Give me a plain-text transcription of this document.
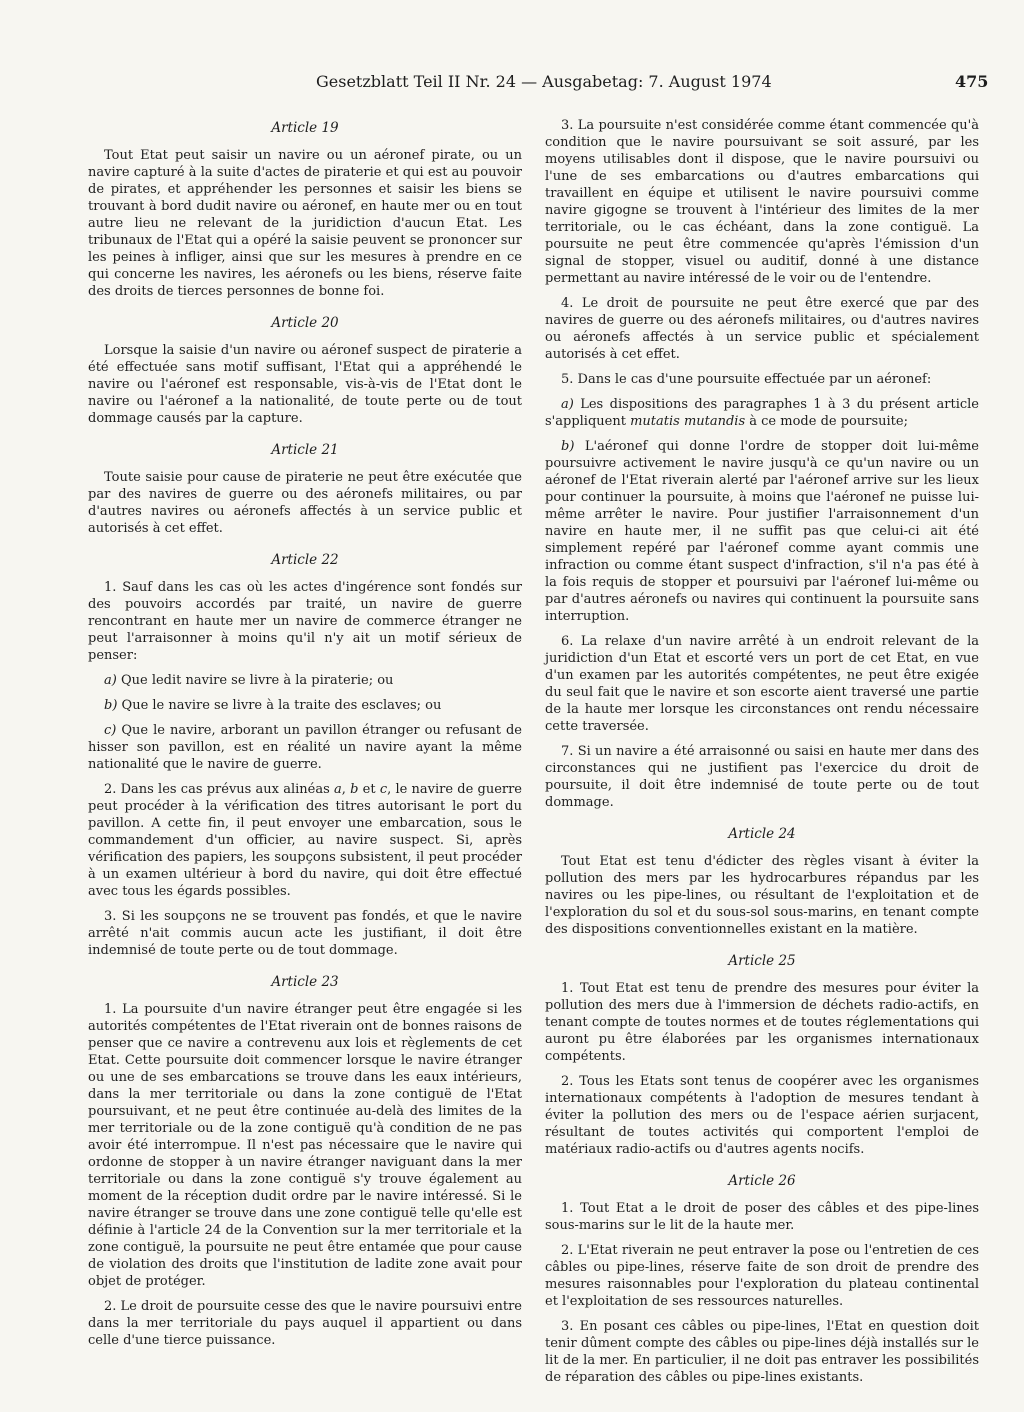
Gesetzblatt Teil II Nr. 24 — Ausgabetag: 7. August 1974	475
Article 19

Tout Etat peut saisir un navire ou un aéronef pirate, ou un navire capturé à la suite d'actes de piraterie et qui est au pouvoir de pirates, et appréhender les personnes et saisir les biens se trouvant à bord dudit navire ou aéronef, en haute mer ou en tout autre lieu ne relevant de la juridiction d'aucun Etat. Les tribunaux de l'Etat qui a opéré la saisie peuvent se prononcer sur les peines à infliger, ainsi que sur les mesures à prendre en ce qui concerne les navires, les aéronefs ou les biens, réserve faite des droits de tierces personnes de bonne foi.

Article 20

Lorsque la saisie d'un navire ou aéronef suspect de piraterie a été effectuée sans motif suffisant, l'Etat qui a appréhendé le navire ou l'aéronef est responsable, vis-à-vis de l'Etat dont le navire ou l'aéronef a la nationalité, de toute perte ou de tout dommage causés par la capture.

Article 21

Toute saisie pour cause de piraterie ne peut être exécutée que par des navires de guerre ou des aéronefs militaires, ou par d'autres navires ou aéronefs affectés à un service public et autorisés à cet effet.

Article 22

1. Sauf dans les cas où les actes d'ingérence sont fondés sur des pouvoirs accordés par traité, un navire de guerre rencontrant en haute mer un navire de commerce étranger ne peut l'arraisonner à moins qu'il n'y ait un motif sérieux de penser:

a) Que ledit navire se livre à la piraterie; ou

b) Que le navire se livre à la traite des esclaves; ou

c) Que le navire, arborant un pavillon étranger ou refusant de hisser son pavillon, est en réalité un navire ayant la même nationalité que le navire de guerre.

2. Dans les cas prévus aux alinéas a, b et c, le navire de guerre peut procéder à la vérification des titres autorisant le port du pavillon. A cette fin, il peut envoyer une embarcation, sous le commandement d'un officier, au navire suspect. Si, après vérification des papiers, les soupçons subsistent, il peut procéder à un examen ultérieur à bord du navire, qui doit être effectué avec tous les égards possibles.

3. Si les soupçons ne se trouvent pas fondés, et que le navire arrêté n'ait commis aucun acte les justifiant, il doit être indemnisé de toute perte ou de tout dommage.

Article 23

1. La poursuite d'un navire étranger peut être engagée si les autorités compétentes de l'Etat riverain ont de bonnes raisons de penser que ce navire a contrevenu aux lois et règlements de cet Etat. Cette poursuite doit commencer lorsque le navire étranger ou une de ses embarcations se trouve dans les eaux intérieurs, dans la mer territoriale ou dans la zone contiguë de l'Etat poursuivant, et ne peut être continuée au-delà des limites de la mer territoriale ou de la zone contiguë qu'à condition de ne pas avoir été interrompue. Il n'est pas nécessaire que le navire qui ordonne de stopper à un navire étranger naviguant dans la mer territoriale ou dans la zone contiguë s'y trouve également au moment de la réception dudit ordre par le navire intéressé. Si le navire étranger se trouve dans une zone contiguë telle qu'elle est définie à l'article 24 de la Convention sur la mer territoriale et la zone contiguë, la poursuite ne peut être entamée que pour cause de violation des droits que l'institution de ladite zone avait pour objet de protéger.

2. Le droit de poursuite cesse des que le navire poursuivi entre dans la mer territoriale du pays auquel il appartient ou dans celle d'une tierce puissance.

3. La poursuite n'est considérée comme étant commencée qu'à condition que le navire poursuivant se soit assuré, par les moyens utilisables dont il dispose, que le navire poursuivi ou l'une de ses embarcations ou d'autres embarcations qui travaillent en équipe et utilisent le navire poursuivi comme navire gigogne se trouvent à l'intérieur des limites de la mer territoriale, ou le cas échéant, dans la zone contiguë. La poursuite ne peut être commencée qu'après l'émission d'un signal de stopper, visuel ou auditif, donné à une distance permettant au navire intéressé de le voir ou de l'entendre.

4. Le droit de poursuite ne peut être exercé que par des navires de guerre ou des aéronefs militaires, ou d'autres navires ou aéronefs affectés à un service public et spécialement autorisés à cet effet.

5. Dans le cas d'une poursuite effectuée par un aéronef:

a) Les dispositions des paragraphes 1 à 3 du présent article s'appliquent mutatis mutandis à ce mode de poursuite;

b) L'aéronef qui donne l'ordre de stopper doit lui-même poursuivre activement le navire jusqu'à ce qu'un navire ou un aéronef de l'Etat riverain alerté par l'aéronef arrive sur les lieux pour continuer la poursuite, à moins que l'aéronef ne puisse lui-même arrêter le navire. Pour justifier l'arraisonnement d'un navire en haute mer, il ne suffit pas que celui-ci ait été simplement repéré par l'aéronef comme ayant commis une infraction ou comme étant suspect d'infraction, s'il n'a pas été à la fois requis de stopper et poursuivi par l'aéronef lui-même ou par d'autres aéronefs ou navires qui continuent la poursuite sans interruption.

6. La relaxe d'un navire arrêté à un endroit relevant de la juridiction d'un Etat et escorté vers un port de cet Etat, en vue d'un examen par les autorités compétentes, ne peut être exigée du seul fait que le navire et son escorte aient traversé une partie de la haute mer lorsque les circonstances ont rendu nécessaire cette traversée.

7. Si un navire a été arraisonné ou saisi en haute mer dans des circonstances qui ne justifient pas l'exercice du droit de poursuite, il doit être indemnisé de toute perte ou de tout dommage.

Article 24

Tout Etat est tenu d'édicter des règles visant à éviter la pollution des mers par les hydrocarbures répandus par les navires ou les pipe-lines, ou résultant de l'exploitation et de l'exploration du sol et du sous-sol sous-marins, en tenant compte des dispositions conventionnelles existant en la matière.

Article 25

1. Tout Etat est tenu de prendre des mesures pour éviter la pollution des mers due à l'immersion de déchets radio-actifs, en tenant compte de toutes normes et de toutes réglementations qui auront pu être élaborées par les organismes internationaux compétents.

2. Tous les Etats sont tenus de coopérer avec les organismes internationaux compétents à l'adoption de mesures tendant à éviter la pollution des mers ou de l'espace aérien surjacent, résultant de toutes activités qui comportent l'emploi de matériaux radio-actifs ou d'autres agents nocifs.

Article 26

1. Tout Etat a le droit de poser des câbles et des pipe-lines sous-marins sur le lit de la haute mer.

2. L'Etat riverain ne peut entraver la pose ou l'entretien de ces câbles ou pipe-lines, réserve faite de son droit de prendre des mesures raisonnables pour l'exploration du plateau continental et l'exploitation de ses ressources naturelles.

3. En posant ces câbles ou pipe-lines, l'Etat en question doit tenir dûment compte des câbles ou pipe-lines déjà installés sur le lit de la mer. En particulier, il ne doit pas entraver les possibilités de réparation des câbles ou pipe-lines existants.
